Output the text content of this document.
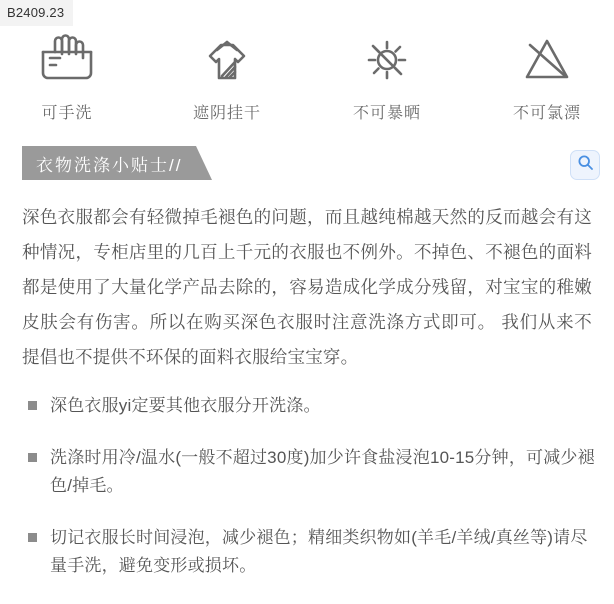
B2409.23
可手洗	遮阴挂干	不可暴晒	不可氯漂
衣物洗涤小贴士//
深色衣服都会有轻微掉毛褪色的问题，而且越纯棉越天然的反而越会有这种情况，专柜店里的几百上千元的衣服也不例外。不掉色、不褪色的面料都是使用了大量化学产品去除的，容易造成化学成分残留，对宝宝的稚嫩皮肤会有伤害。所以在购买深色衣服时注意洗涤方式即可。 我们从来不提倡也不提供不环保的面料衣服给宝宝穿。
深色衣服yi定要其他衣服分开洗涤。
洗涤时用冷/温水(一般不超过30度)加少许食盐浸泡10-15分钟，可减少褪色/掉毛。
切记衣服长时间浸泡，减少褪色；精细类织物如(羊毛/羊绒/真丝等)请尽量手洗，避免变形或损坏。
